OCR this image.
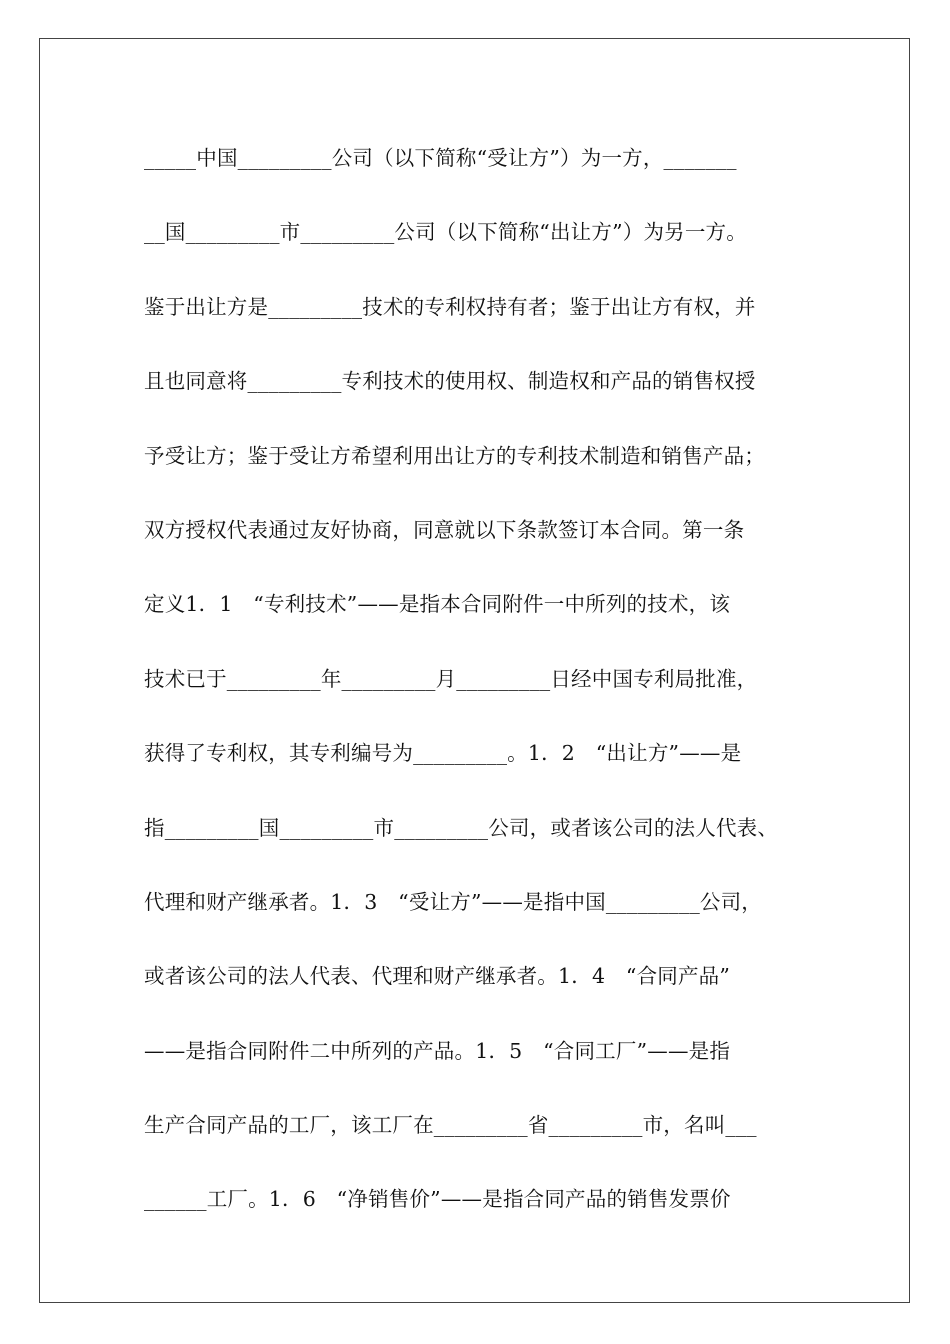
_____中国_________公司（以下简称“受让方”）为一方，_______
__国_________市_________公司（以下简称“出让方”）为另一方。
鉴于出让方是_________技术的专利权持有者；鉴于出让方有权，并
且也同意将_________专利技术的使用权、制造权和产品的销售权授
予受让方；鉴于受让方希望利用出让方的专利技术制造和销售产品；
双方授权代表通过友好协商，同意就以下条款签订本合同。第一条
定义1．1　“专利技术”——是指本合同附件一中所列的技术，该
技术已于_________年_________月_________日经中国专利局批准，
获得了专利权，其专利编号为_________。1．2　“出让方”——是
指_________国_________市_________公司，或者该公司的法人代表、
代理和财产继承者。1．3　“受让方”——是指中国_________公司，
或者该公司的法人代表、代理和财产继承者。1．4　“合同产品”
——是指合同附件二中所列的产品。1．5　“合同工厂”——是指
生产合同产品的工厂，该工厂在_________省_________市，名叫___
______工厂。1．6　“净销售价”——是指合同产品的销售发票价
